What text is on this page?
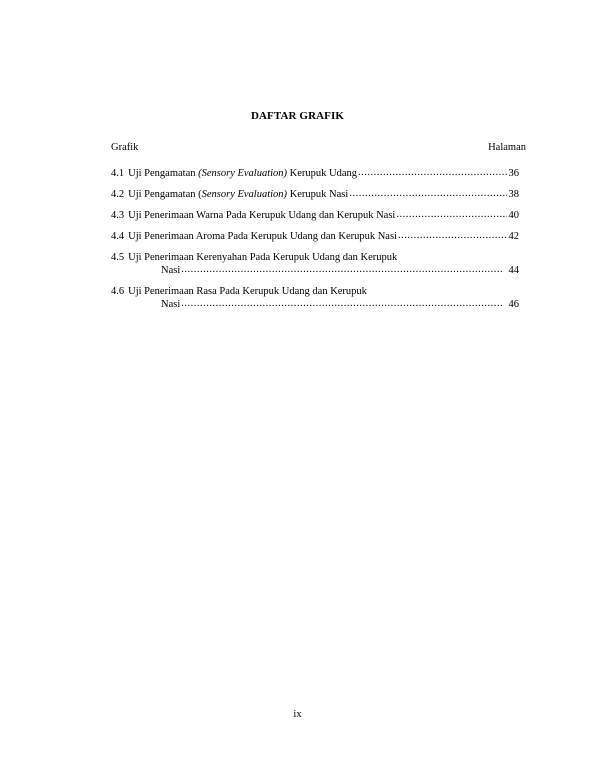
DAFTAR GRAFIK
Grafik	Halaman
4.1 Uji Pengamatan (Sensory Evaluation) Kerupuk Udang .....	36
4.2 Uji Pengamatan (Sensory Evaluation) Kerupuk Nasi .....	38
4.3 Uji Penerimaan Warna Pada Kerupuk Udang dan Kerupuk Nasi .....	40
4.4 Uji Penerimaan Aroma Pada Kerupuk Udang dan Kerupuk Nasi .....	42
4.5 Uji Penerimaan Kerenyahan Pada Kerupuk Udang dan Kerupuk
Nasi .....	44
4.6 Uji Penerimaan Rasa Pada Kerupuk Udang dan Kerupuk
Nasi .....	46
ix
